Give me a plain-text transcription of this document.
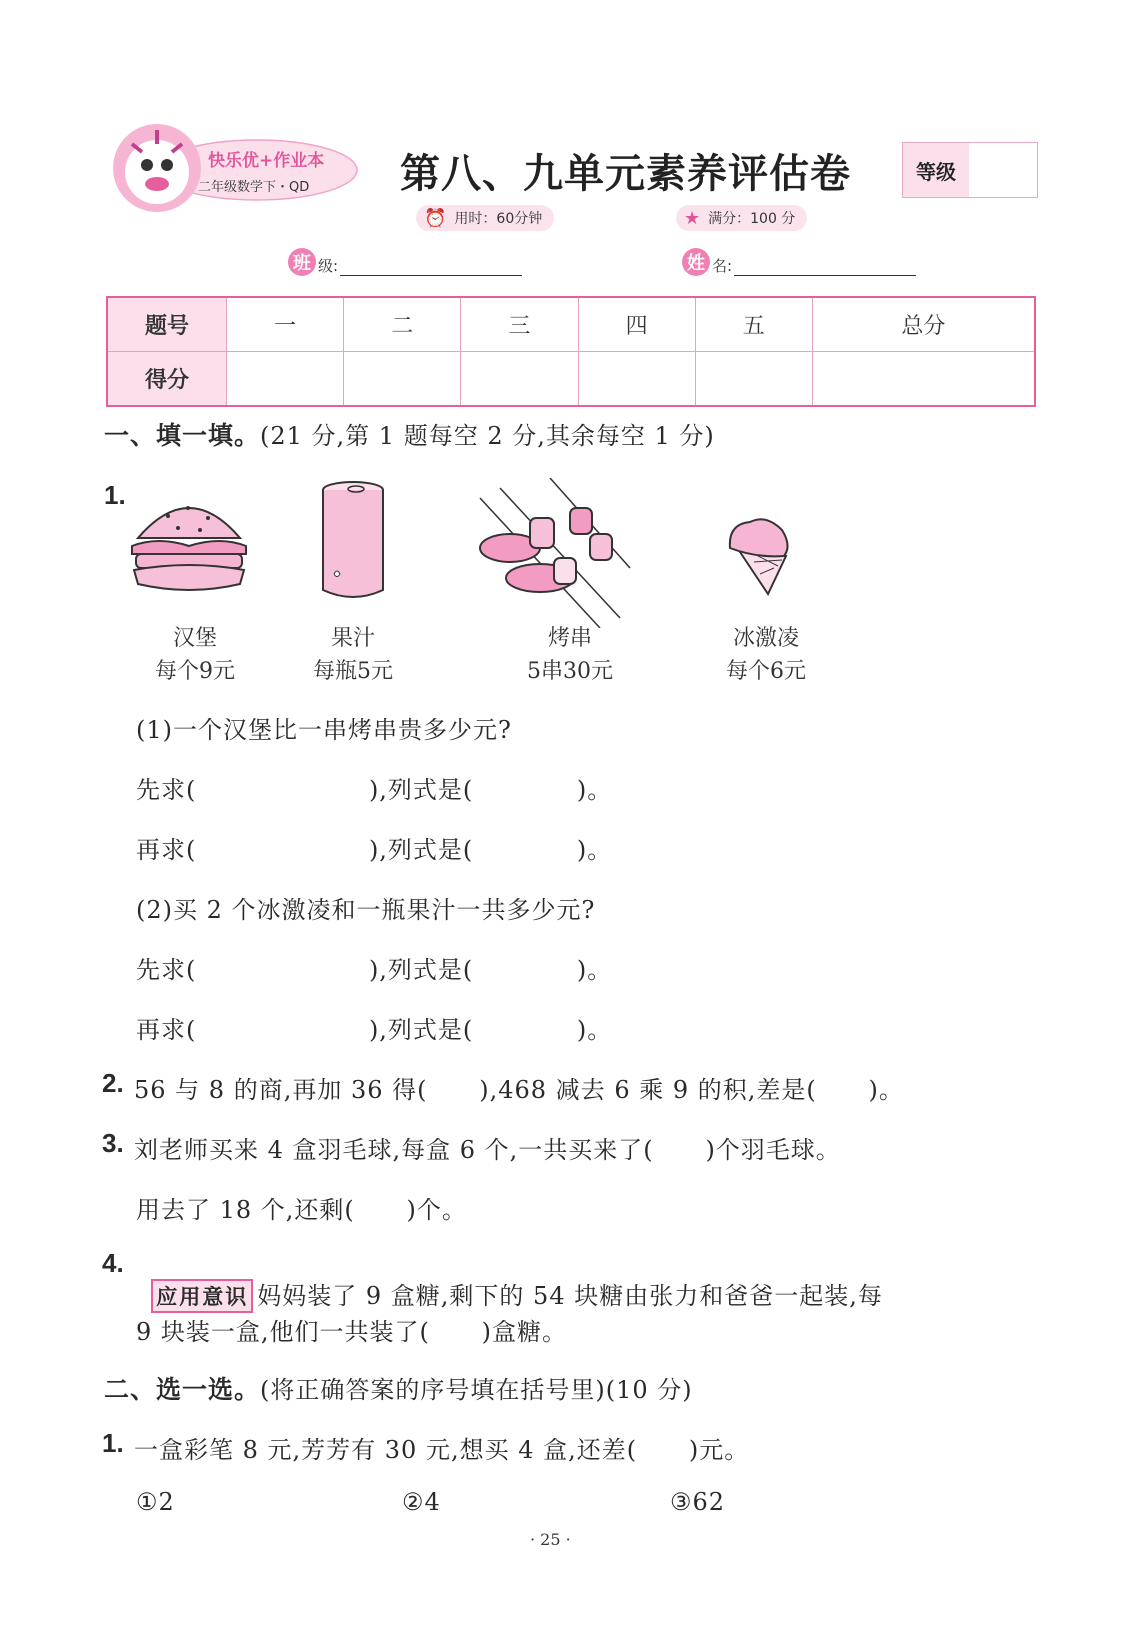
快乐优+作业本
二年级数学下・QD 第八、九单元素养评估卷	等级
⏰ 用时：60分钟	★ 满分：100 分
班 级:	姓 名:
题号	一	二	三	四	五	总分
得分						
一、填一填。(21 分,第 1 题每空 2 分,其余每空 1 分)
1.
汉堡
每个9元
果汁
每瓶5元
烤串
5串30元
冰激凌
每个6元
(1)一个汉堡比一串烤串贵多少元?
先求(                    ),列式是(            )。
再求(                    ),列式是(            )。
(2)买 2 个冰激凌和一瓶果汁一共多少元?
先求(                    ),列式是(            )。
再求(                    ),列式是(            )。
2. 56 与 8 的商,再加 36 得(      ),468 减去 6 乘 9 的积,差是(      )。
3. 刘老师买来 4 盒羽毛球,每盒 6 个,一共买来了(      )个羽毛球。
用去了 18 个,还剩(      )个。
4.

应用意识 妈妈装了 9 盒糖,剩下的 54 块糖由张力和爸爸一起装,每

9 块装一盒,他们一共装了(      )盒糖。
二、选一选。(将正确答案的序号填在括号里)(10 分)
1. 一盒彩笔 8 元,芳芳有 30 元,想买 4 盒,还差(      )元。
①2	②4	③62
· 25 ·
